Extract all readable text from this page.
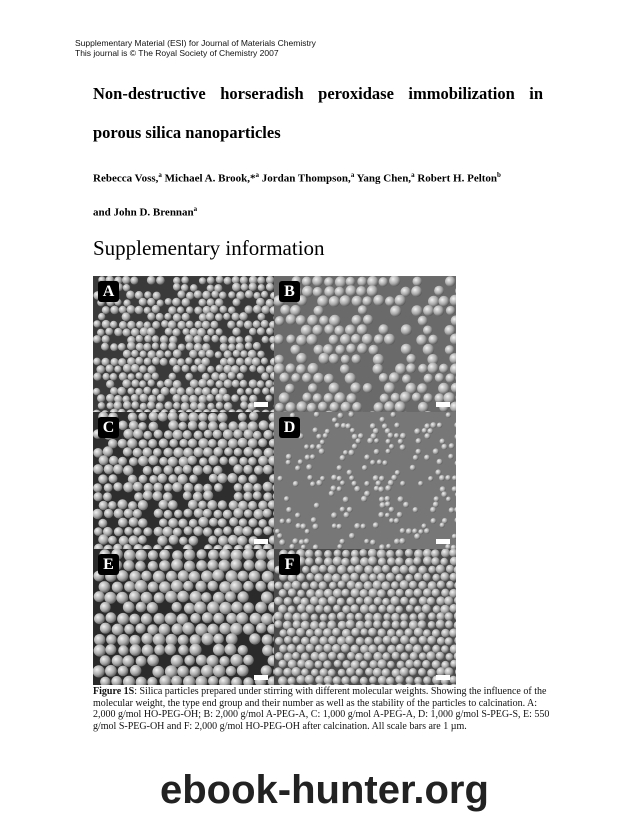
Supplementary Material (ESI) for Journal of Materials Chemistry
This journal is © The Royal Society of Chemistry 2007
Non-destructive horseradish peroxidase immobilization in
porous silica nanoparticles
Rebecca Voss,$^a$ Michael A. Brook,*$^a$ Jordan Thompson,$^a$ Yang Chen,$^a$ Robert H. Pelton$^b$
and John D. Brennan$^a$
Supplementary information
A	B
C	D
E	F
Figure 1S: Silica particles prepared under stirring with different molecular weights. Showing the influence of the molecular weight, the type end group and their number as well as the stability of the particles to calcination. A: 2,000 g/mol HO-PEG-OH; B: 2,000 g/mol A-PEG-A, C: 1,000 g/mol A-PEG-A, D: 1,000 g/mol S-PEG-S, E: 550 g/mol S-PEG-OH and F: 2,000 g/mol HO-PEG-OH after calcination. All scale bars are 1 µm.
ebook-hunter.org
